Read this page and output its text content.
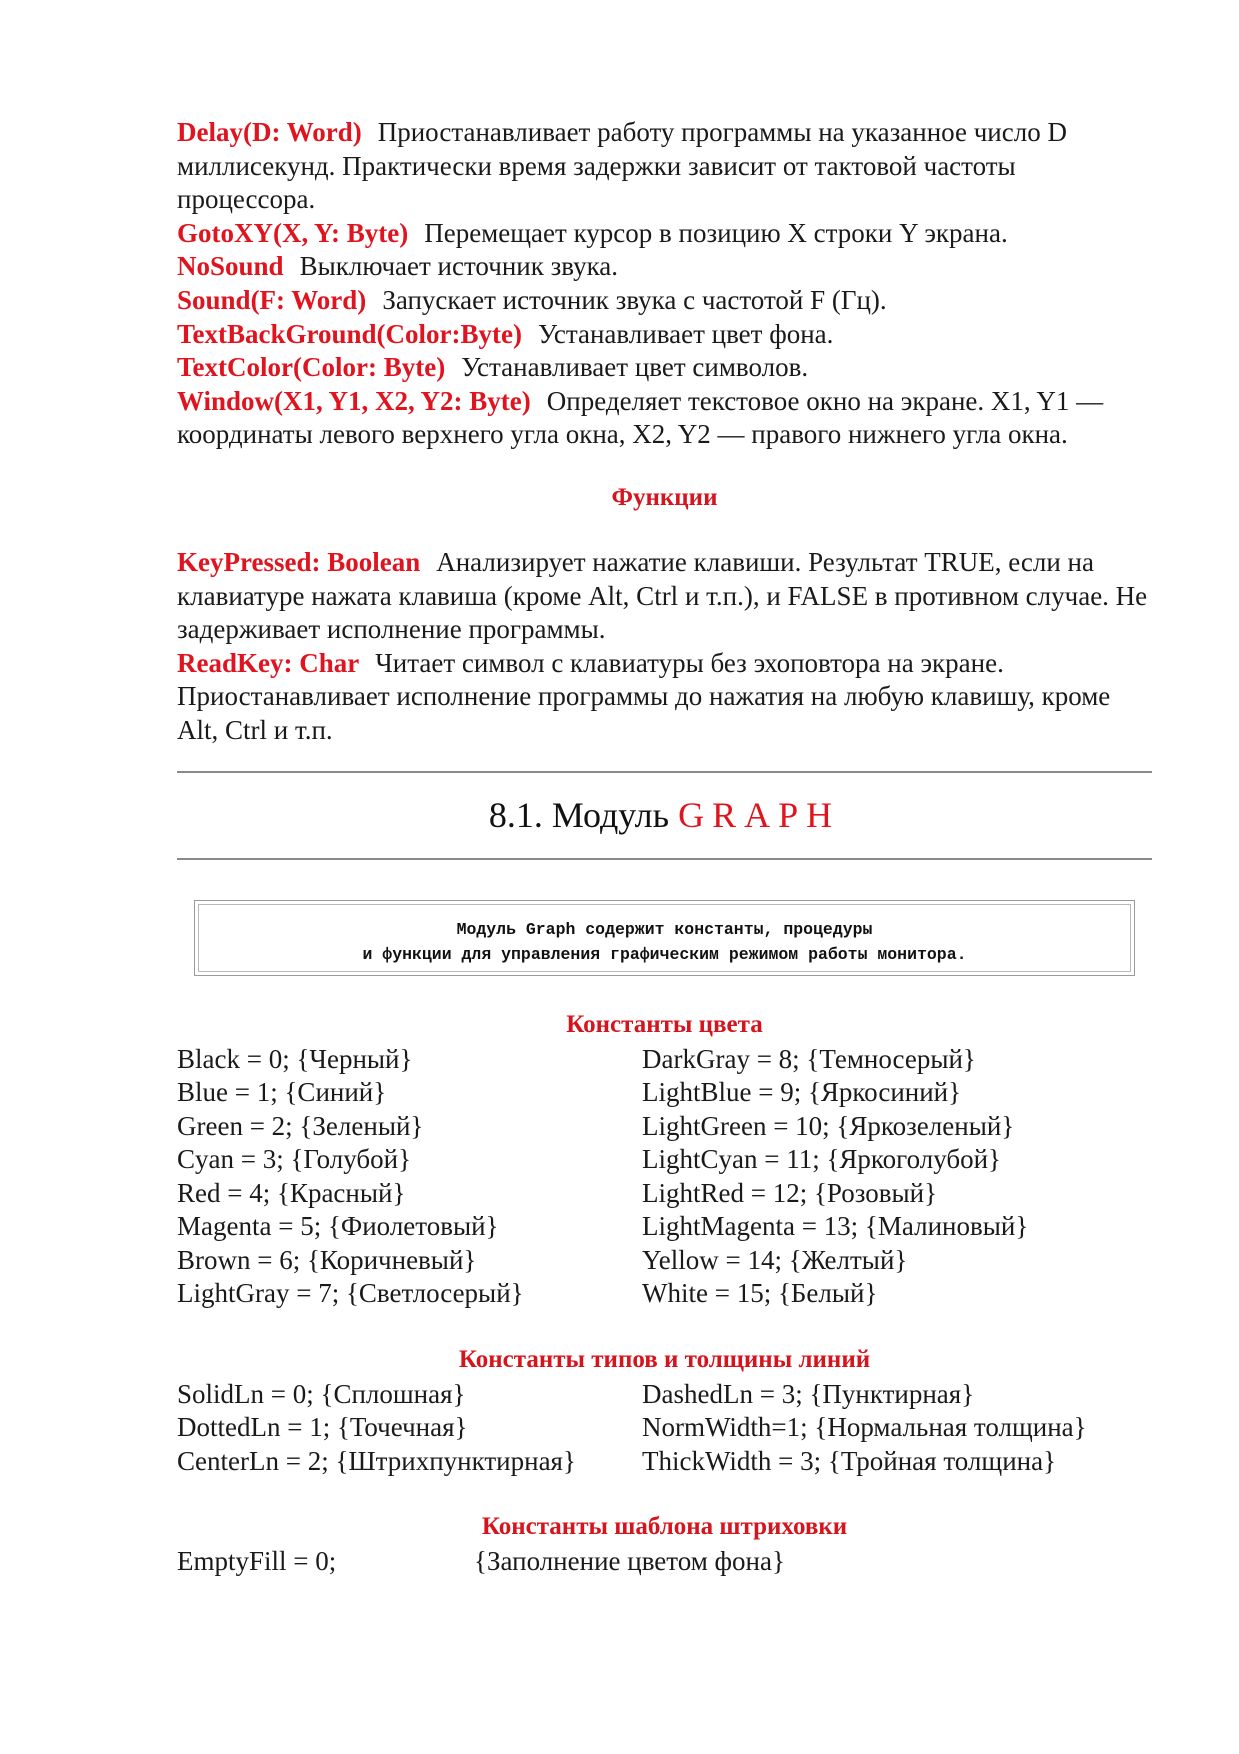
Delay(D: Word) Приостанавливает работу программы на указанное число D миллисекунд. Практически время задержки зависит от тактовой частоты процессора.

GotoXY(X, Y: Byte) Перемещает курсор в позицию X строки Y экрана.

NoSound Выключает источник звука.

Sound(F: Word) Запускает источник звука с частотой F (Гц).

TextBackGround(Color:Byte) Устанавливает цвет фона.

TextColor(Color: Byte) Устанавливает цвет символов.

Window(X1, Y1, X2, Y2: Byte) Определяет текстовое окно на экране. X1, Y1 — координаты левого верхнего угла окна, X2, Y2 — правого нижнего угла окна.

Функции

KeyPressed: Boolean Анализирует нажатие клавиши. Результат TRUE, если на клавиатуре нажата клавиша (кроме Alt, Ctrl и т.п.), и FALSE в противном случае. Не задерживает исполнение программы.

ReadKey: Char Читает символ с клавиатуры без эхоповтора на экране. Приостанавливает исполнение программы до нажатия на любую клавишу, кроме Alt, Ctrl и т.п.

8.1. Модуль GRAPH
Модуль Graph содержит константы, процедуры
и функции для управления графическим режимом работы монитора.
Константы цвета
Black = 0; {Черный}	DarkGray = 8; {Темносерый}
Blue = 1; {Синий}	LightBlue = 9; {Яркосиний}
Green = 2; {Зеленый}	LightGreen = 10; {Яркозеленый}
Cyan = 3; {Голубой}	LightCyan = 11; {Яркоголубой}
Red = 4; {Красный}	LightRed = 12; {Розовый}
Magenta = 5; {Фиолетовый}	LightMagenta = 13; {Малиновый}
Brown = 6; {Коричневый}	Yellow = 14; {Желтый}
LightGray = 7; {Светлосерый}	White = 15; {Белый}
Константы типов и толщины линий
SolidLn = 0; {Сплошная}	DashedLn = 3; {Пунктирная}
DottedLn = 1; {Точечная}	NormWidth=1; {Нормальная толщина}
CenterLn = 2; {Штрихпунктирная}	ThickWidth = 3; {Тройная толщина}
Константы шаблона штриховки
EmptyFill = 0;	{Заполнение цветом фона}
